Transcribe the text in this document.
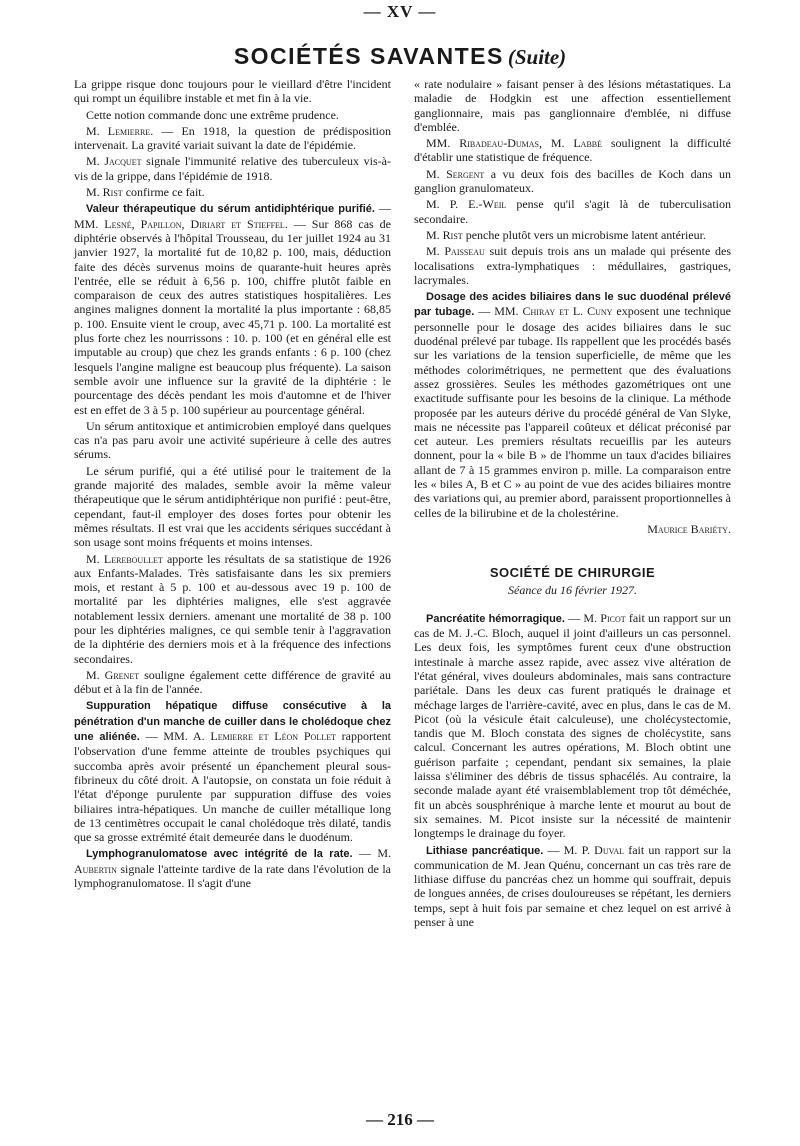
— XV —
SOCIÉTÉS SAVANTES (Suite)

La grippe risque donc toujours pour le vieillard d'être l'incident qui rompt un équilibre instable et met fin à la vie.

Cette notion commande donc une extrême prudence.

M. Lemierre. — En 1918, la question de prédisposition intervenait. La gravité variait suivant la date de l'épidémie.

M. Jacquet signale l'immunité relative des tuberculeux vis-à-vis de la grippe, dans l'épidémie de 1918.

M. Rist confirme ce fait.

Valeur thérapeutique du sérum antidiphtérique purifié. — MM. Lesné, Papillon, Diriart et Stieffel. — Sur 868 cas de diphtérie observés à l'hôpital Trousseau, du 1er juillet 1924 au 31 janvier 1927, la mortalité fut de 10,82 p. 100, mais, déduction faite des décès survenus moins de quarante-huit heures après l'entrée, elle se réduit à 6,56 p. 100, chiffre plutôt faible en comparaison de ceux des autres statistiques hospitalières. Les angines malignes donnent la mortalité la plus importante : 68,85 p. 100. Ensuite vient le croup, avec 45,71 p. 100. La mortalité est plus forte chez les nourrissons : 10. p. 100 (et en général elle est imputable au croup) que chez les grands enfants : 6 p. 100 (chez lesquels l'angine maligne est beaucoup plus fréquente). La saison semble avoir une influence sur la gravité de la diphtérie : le pourcentage des décès pendant les mois d'automne et de l'hiver est en effet de 3 à 5 p. 100 supérieur au pourcentage général.

Un sérum antitoxique et antimicrobien employé dans quelques cas n'a pas paru avoir une activité supérieure à celle des autres sérums.

Le sérum purifié, qui a été utilisé pour le traitement de la grande majorité des malades, semble avoir la même valeur thérapeutique que le sérum antidiphtérique non purifié : peut-être, cependant, faut-il employer des doses fortes pour obtenir les mêmes résultats. Il est vrai que les accidents sériques succédant à son usage sont moins fréquents et moins intenses.

M. Lereboullet apporte les résultats de sa statistique de 1926 aux Enfants-Malades. Très satisfaisante dans les six premiers mois, et restant à 5 p. 100 et au-dessous avec 19 p. 100 de mortalité par les diphtéries malignes, elle s'est aggravée notablement lessix derniers. amenant une mortalité de 38 p. 100 pour les diphtéries malignes, ce qui semble tenir à l'aggravation de la diphtérie des derniers mois et à la fréquence des infections secondaires.

M. Grenet souligne également cette différence de gravité au début et à la fin de l'année.

Suppuration hépatique diffuse consécutive à la pénétration d'un manche de cuiller dans le cholédoque chez une aliénée. — MM. A. Lemierre et Léon Pollet rapportent l'observation d'une femme atteinte de troubles psychiques qui succomba après avoir présenté un épanchement pleural sous-fibrineux du côté droit. A l'autopsie, on constata un foie réduit à l'état d'éponge purulente par suppuration diffuse des voies biliaires intra-hépatiques. Un manche de cuiller métallique long de 13 centimètres occupait le canal cholédoque très dilaté, tandis que sa grosse extrémité était demeurée dans le duodénum.

Lymphogranulomatose avec intégrité de la rate. — M. Aubertin signale l'atteinte tardive de la rate dans l'évolution de la lymphogranulomatose. Il s'agit d'une

« rate nodulaire » faisant penser à des lésions métastatiques. La maladie de Hodgkin est une affection essentiellement ganglionnaire, mais pas ganglionnaire d'emblée, ni diffuse d'emblée.

MM. Ribadeau-Dumas, M. Labbé soulignent la difficulté d'établir une statistique de fréquence.

M. Sergent a vu deux fois des bacilles de Koch dans un ganglion granulomateux.

M. P. E.-Weil pense qu'il s'agit là de tuberculisation secondaire.

M. Rist penche plutôt vers un microbisme latent antérieur.

M. Paisseau suit depuis trois ans un malade qui présente des localisations extra-lymphatiques : médullaires, gastriques, lacrymales.

Dosage des acides biliaires dans le suc duodénal prélevé par tubage. — MM. Chiray et L. Cuny exposent une technique personnelle pour le dosage des acides biliaires dans le suc duodénal prélevé par tubage. Ils rappellent que les procédés basés sur les variations de la tension superficielle, de même que les méthodes colorimétriques, ne permettent que des évaluations assez grossières. Seules les méthodes gazométriques ont une exactitude suffisante pour les besoins de la clinique. La méthode proposée par les auteurs dérive du procédé général de Van Slyke, mais ne nécessite pas l'appareil coûteux et délicat préconisé par cet auteur. Les premiers résultats recueillis par les auteurs donnent, pour la « bile B » de l'homme un taux d'acides biliaires allant de 7 à 15 grammes environ p. mille. La comparaison entre les « biles A, B et C » au point de vue des acides biliaires montre des variations qui, au premier abord, paraissent proportionnelles à celles de la bilirubine et de la cholestérine.

Maurice Bariéty.
SOCIÉTÉ DE CHIRURGIE
Séance du 16 février 1927.

Pancréatite hémorragique. — M. Picot fait un rapport sur un cas de M. J.-C. Bloch, auquel il joint d'ailleurs un cas personnel. Les deux fois, les symptômes furent ceux d'une obstruction intestinale à marche assez rapide, avec assez vive altération de l'état général, vives douleurs abdominales, mais sans contracture pariétale. Dans les deux cas furent pratiqués le drainage et méchage larges de l'arrière-cavité, avec en plus, dans le cas de M. Picot (où la vésicule était calculeuse), une cholécystectomie, tandis que M. Bloch constata des signes de cholécystite, sans calcul. Concernant les autres opérations, M. Bloch obtint une guérison parfaite ; cependant, pendant six semaines, la plaie laissa s'éliminer des débris de tissus sphacélés. Au contraire, la seconde malade ayant été vraisemblablement trop tôt déméchée, fit un abcès sousphrénique à marche lente et mourut au bout de six semaines. M. Picot insiste sur la nécessité de maintenir longtemps le drainage du foyer.

Lithiase pancréatique. — M. P. Duval fait un rapport sur la communication de M. Jean Quénu, concernant un cas très rare de lithiase diffuse du pancréas chez un homme qui souffrait, depuis de longues années, de crises douloureuses se répétant, les derniers temps, sept à huit fois par semaine et chez lequel on est arrivé à penser à une

— 216 —
